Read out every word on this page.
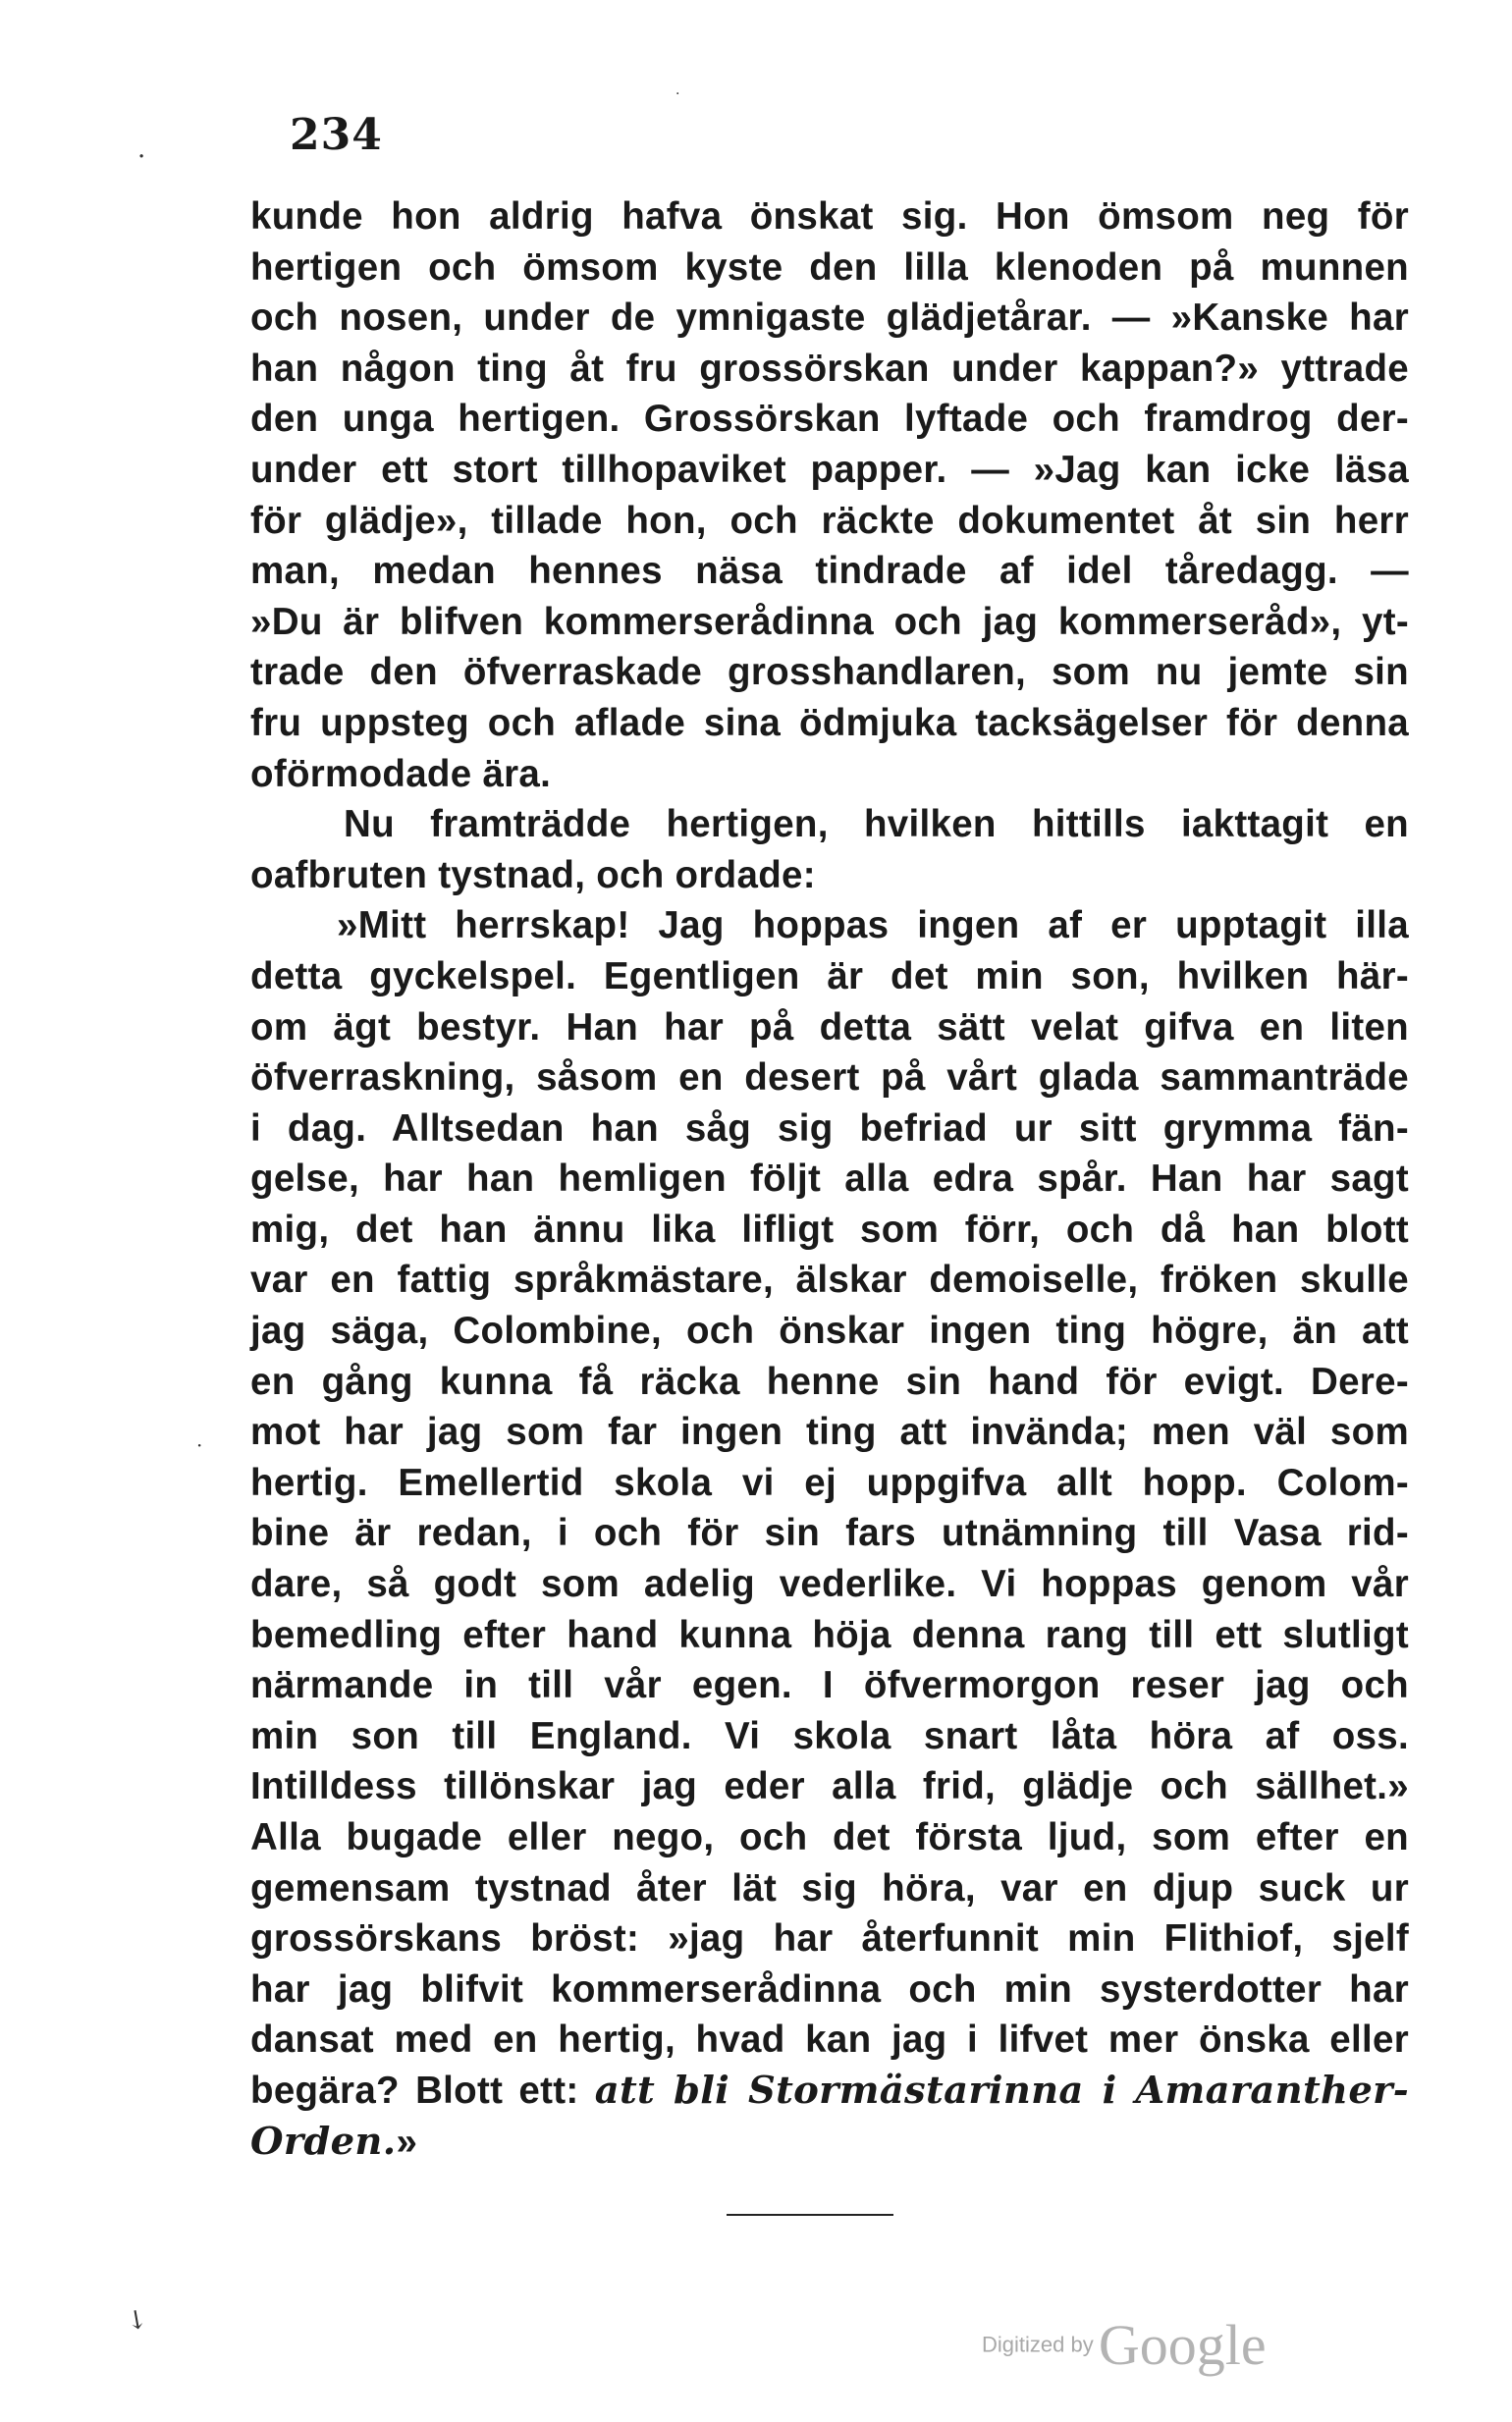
234
kunde hon aldrig hafva önskat sig. Hon ömsom neg för
hertigen och ömsom kyste den lilla klenoden på munnen
och nosen, under de ymnigaste glädjetårar. — »Kanske har
han någon ting åt fru grossörskan under kappan?» yttrade
den unga hertigen. Grossörskan lyftade och framdrog der-
under ett stort tillhopaviket papper. — »Jag kan icke läsa
för glädje», tillade hon, och räckte dokumentet åt sin herr
man, medan hennes näsa tindrade af idel tåredagg. —
»Du är blifven kommerserådinna och jag kommerseråd», yt-
trade den öfverraskade grosshandlaren, som nu jemte sin
fru uppsteg och aflade sina ödmjuka tacksägelser för denna
oförmodade ära.
Nu framträdde hertigen, hvilken hittills iakttagit en
oafbruten tystnad, och ordade:
»Mitt herrskap! Jag hoppas ingen af er upptagit illa
detta gyckelspel. Egentligen är det min son, hvilken här-
om ägt bestyr. Han har på detta sätt velat gifva en liten
öfverraskning, såsom en desert på vårt glada sammanträde
i dag. Alltsedan han såg sig befriad ur sitt grymma fän-
gelse, har han hemligen följt alla edra spår. Han har sagt
mig, det han ännu lika lifligt som förr, och då han blott
var en fattig språkmästare, älskar demoiselle, fröken skulle
jag säga, Colombine, och önskar ingen ting högre, än att
en gång kunna få räcka henne sin hand för evigt. Dere-
mot har jag som far ingen ting att invända; men väl som
hertig. Emellertid skola vi ej uppgifva allt hopp. Colom-
bine är redan, i och för sin fars utnämning till Vasa rid-
dare, så godt som adelig vederlike. Vi hoppas genom vår
bemedling efter hand kunna höja denna rang till ett slutligt
närmande in till vår egen. I öfvermorgon reser jag och
min son till England. Vi skola snart låta höra af oss.
Intilldess tillönskar jag eder alla frid, glädje och sällhet.»
Alla bugade eller nego, och det första ljud, som efter en
gemensam tystnad åter lät sig höra, var en djup suck ur
grossörskans bröst: »jag har återfunnit min Flithiof, sjelf
har jag blifvit kommerserådinna och min systerdotter har
dansat med en hertig, hvad kan jag i lifvet mer önska eller
begära? Blott ett: att bli Stormästarinna i Amaranther-
Orden.»
·
·
·
↘
Digitized by Google
